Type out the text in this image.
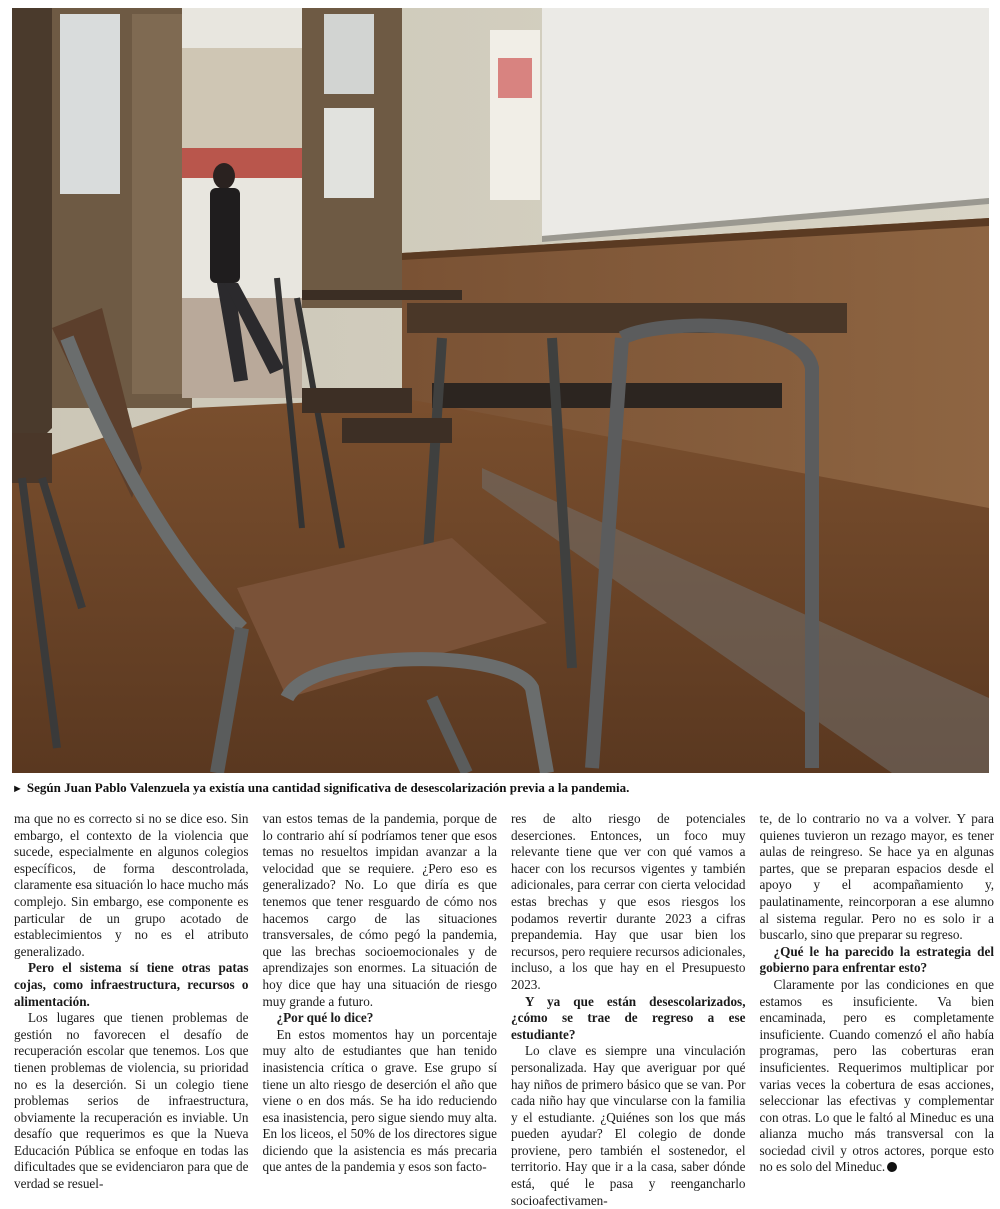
► Según Juan Pablo Valenzuela ya existía una cantidad significativa de desescolarización previa a la pandemia.

ma que no es correcto si no se dice eso. Sin embargo, el contexto de la violencia que sucede, especialmente en algunos colegios específicos, de forma descontrolada, claramente esa situación lo hace mucho más complejo. Sin embargo, ese componente es particular de un grupo acotado de establecimientos y no es el atributo generalizado.

Pero el sistema sí tiene otras patas cojas, como infraestructura, recursos o alimentación.

Los lugares que tienen problemas de gestión no favorecen el desafío de recuperación escolar que tenemos. Los que tienen problemas de violencia, su prioridad no es la deserción. Si un colegio tiene problemas serios de infraestructura, obviamente la recuperación es inviable. Un desafío que requerimos es que la Nueva Educación Pública se enfoque en todas las dificultades que se evidenciaron para que de verdad se resuel-

van estos temas de la pandemia, porque de lo contrario ahí sí podríamos tener que esos temas no resueltos impidan avanzar a la velocidad que se requiere. ¿Pero eso es generalizado? No. Lo que diría es que tenemos que tener resguardo de cómo nos hacemos cargo de las situaciones transversales, de cómo pegó la pandemia, que las brechas socioemocionales y de aprendizajes son enormes. La situación de hoy dice que hay una situación de riesgo muy grande a futuro.

¿Por qué lo dice?

En estos momentos hay un porcentaje muy alto de estudiantes que han tenido inasistencia crítica o grave. Ese grupo sí tiene un alto riesgo de deserción el año que viene o en dos más. Se ha ido reduciendo esa inasistencia, pero sigue siendo muy alta. En los liceos, el 50% de los directores sigue diciendo que la asistencia es más precaria que antes de la pandemia y esos son facto-

res de alto riesgo de potenciales deserciones. Entonces, un foco muy relevante tiene que ver con qué vamos a hacer con los recursos vigentes y también adicionales, para cerrar con cierta velocidad estas brechas y que esos riesgos los podamos revertir durante 2023 a cifras prepandemia. Hay que usar bien los recursos, pero requiere recursos adicionales, incluso, a los que hay en el Presupuesto 2023.

Y ya que están desescolarizados, ¿cómo se trae de regreso a ese estudiante?

Lo clave es siempre una vinculación personalizada. Hay que averiguar por qué hay niños de primero básico que se van. Por cada niño hay que vincularse con la familia y el estudiante. ¿Quiénes son los que más pueden ayudar? El colegio de donde proviene, pero también el sostenedor, el territorio. Hay que ir a la casa, saber dónde está, qué le pasa y reengancharlo socioafectivamen-

te, de lo contrario no va a volver. Y para quienes tuvieron un rezago mayor, es tener aulas de reingreso. Se hace ya en algunas partes, que se preparan espacios desde el apoyo y el acompañamiento y, paulatinamente, reincorporan a ese alumno al sistema regular. Pero no es solo ir a buscarlo, sino que preparar su regreso.

¿Qué le ha parecido la estrategia del gobierno para enfrentar esto?

Claramente por las condiciones en que estamos es insuficiente. Va bien encaminada, pero es completamente insuficiente. Cuando comenzó el año había programas, pero las coberturas eran insuficientes. Requerimos multiplicar por varias veces la cobertura de esas acciones, seleccionar las efectivas y complementar con otras. Lo que le faltó al Mineduc es una alianza mucho más transversal con la sociedad civil y otros actores, porque esto no es solo del Mineduc.
